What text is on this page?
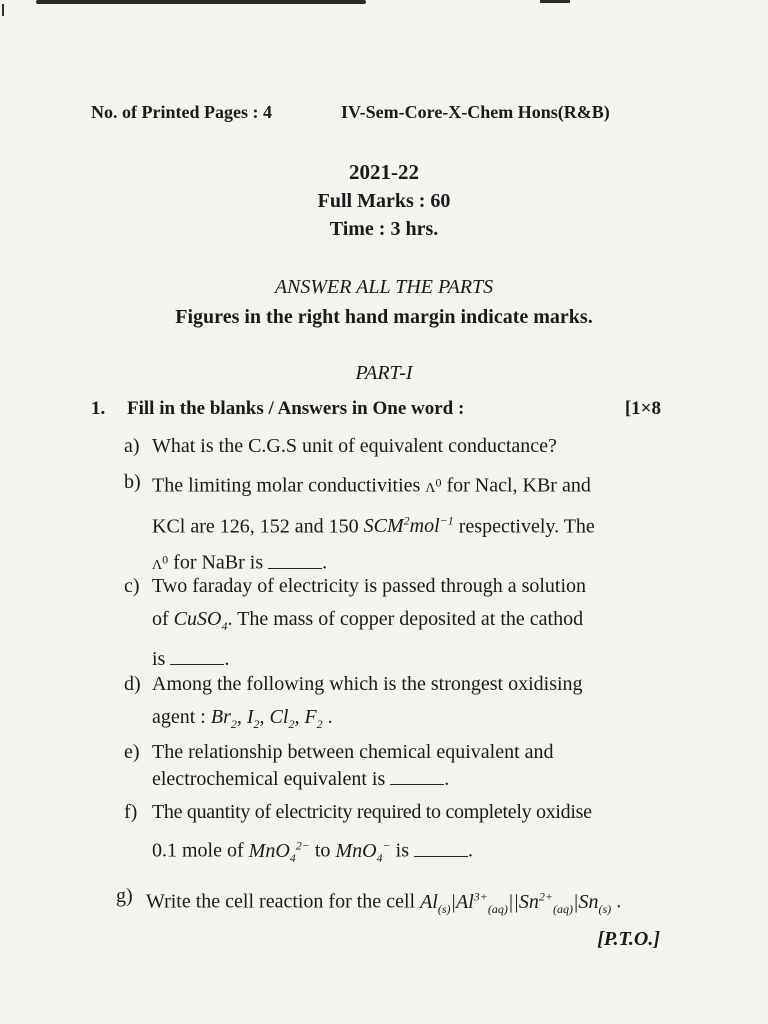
No. of Printed Pages : 4	IV-Sem-Core-X-Chem Hons(R&B)
2021-22
Full Marks : 60
Time : 3 hrs.
ANSWER ALL THE PARTS
Figures in the right hand margin indicate marks.
PART-I
1. Fill in the blanks / Answers in One word :	[1×8
a) What is the C.G.S unit of equivalent conductance?
b) The limiting molar conductivities $\Lambda^0$ for Nacl, KBr and
KCl are 126, 152 and 150 SCM$^2$mol$^{-1}$ respectively. The
$\Lambda^0$ for NaBr is	.
c) Two faraday of electricity is passed through a solution
of CuSO$_4$. The mass of copper deposited at the cathod
is	.
d) Among the following which is the strongest oxidising
agent : $Br_2$, $I_2$, $Cl_2$, $F_2$ .
e) The relationship between chemical equivalent and
electrochemical equivalent is	.
f) The quantity of electricity required to completely oxidise
0.1 mole of MnO$_4^{2-}$ to MnO$_4$− is	.
g) Write the cell reaction for the cell $Al_{(s)}|Al^{3+}_{(aq)}||Sn^{2+}_{(aq)}|Sn_{(s)}$ .
[P.T.O.]
